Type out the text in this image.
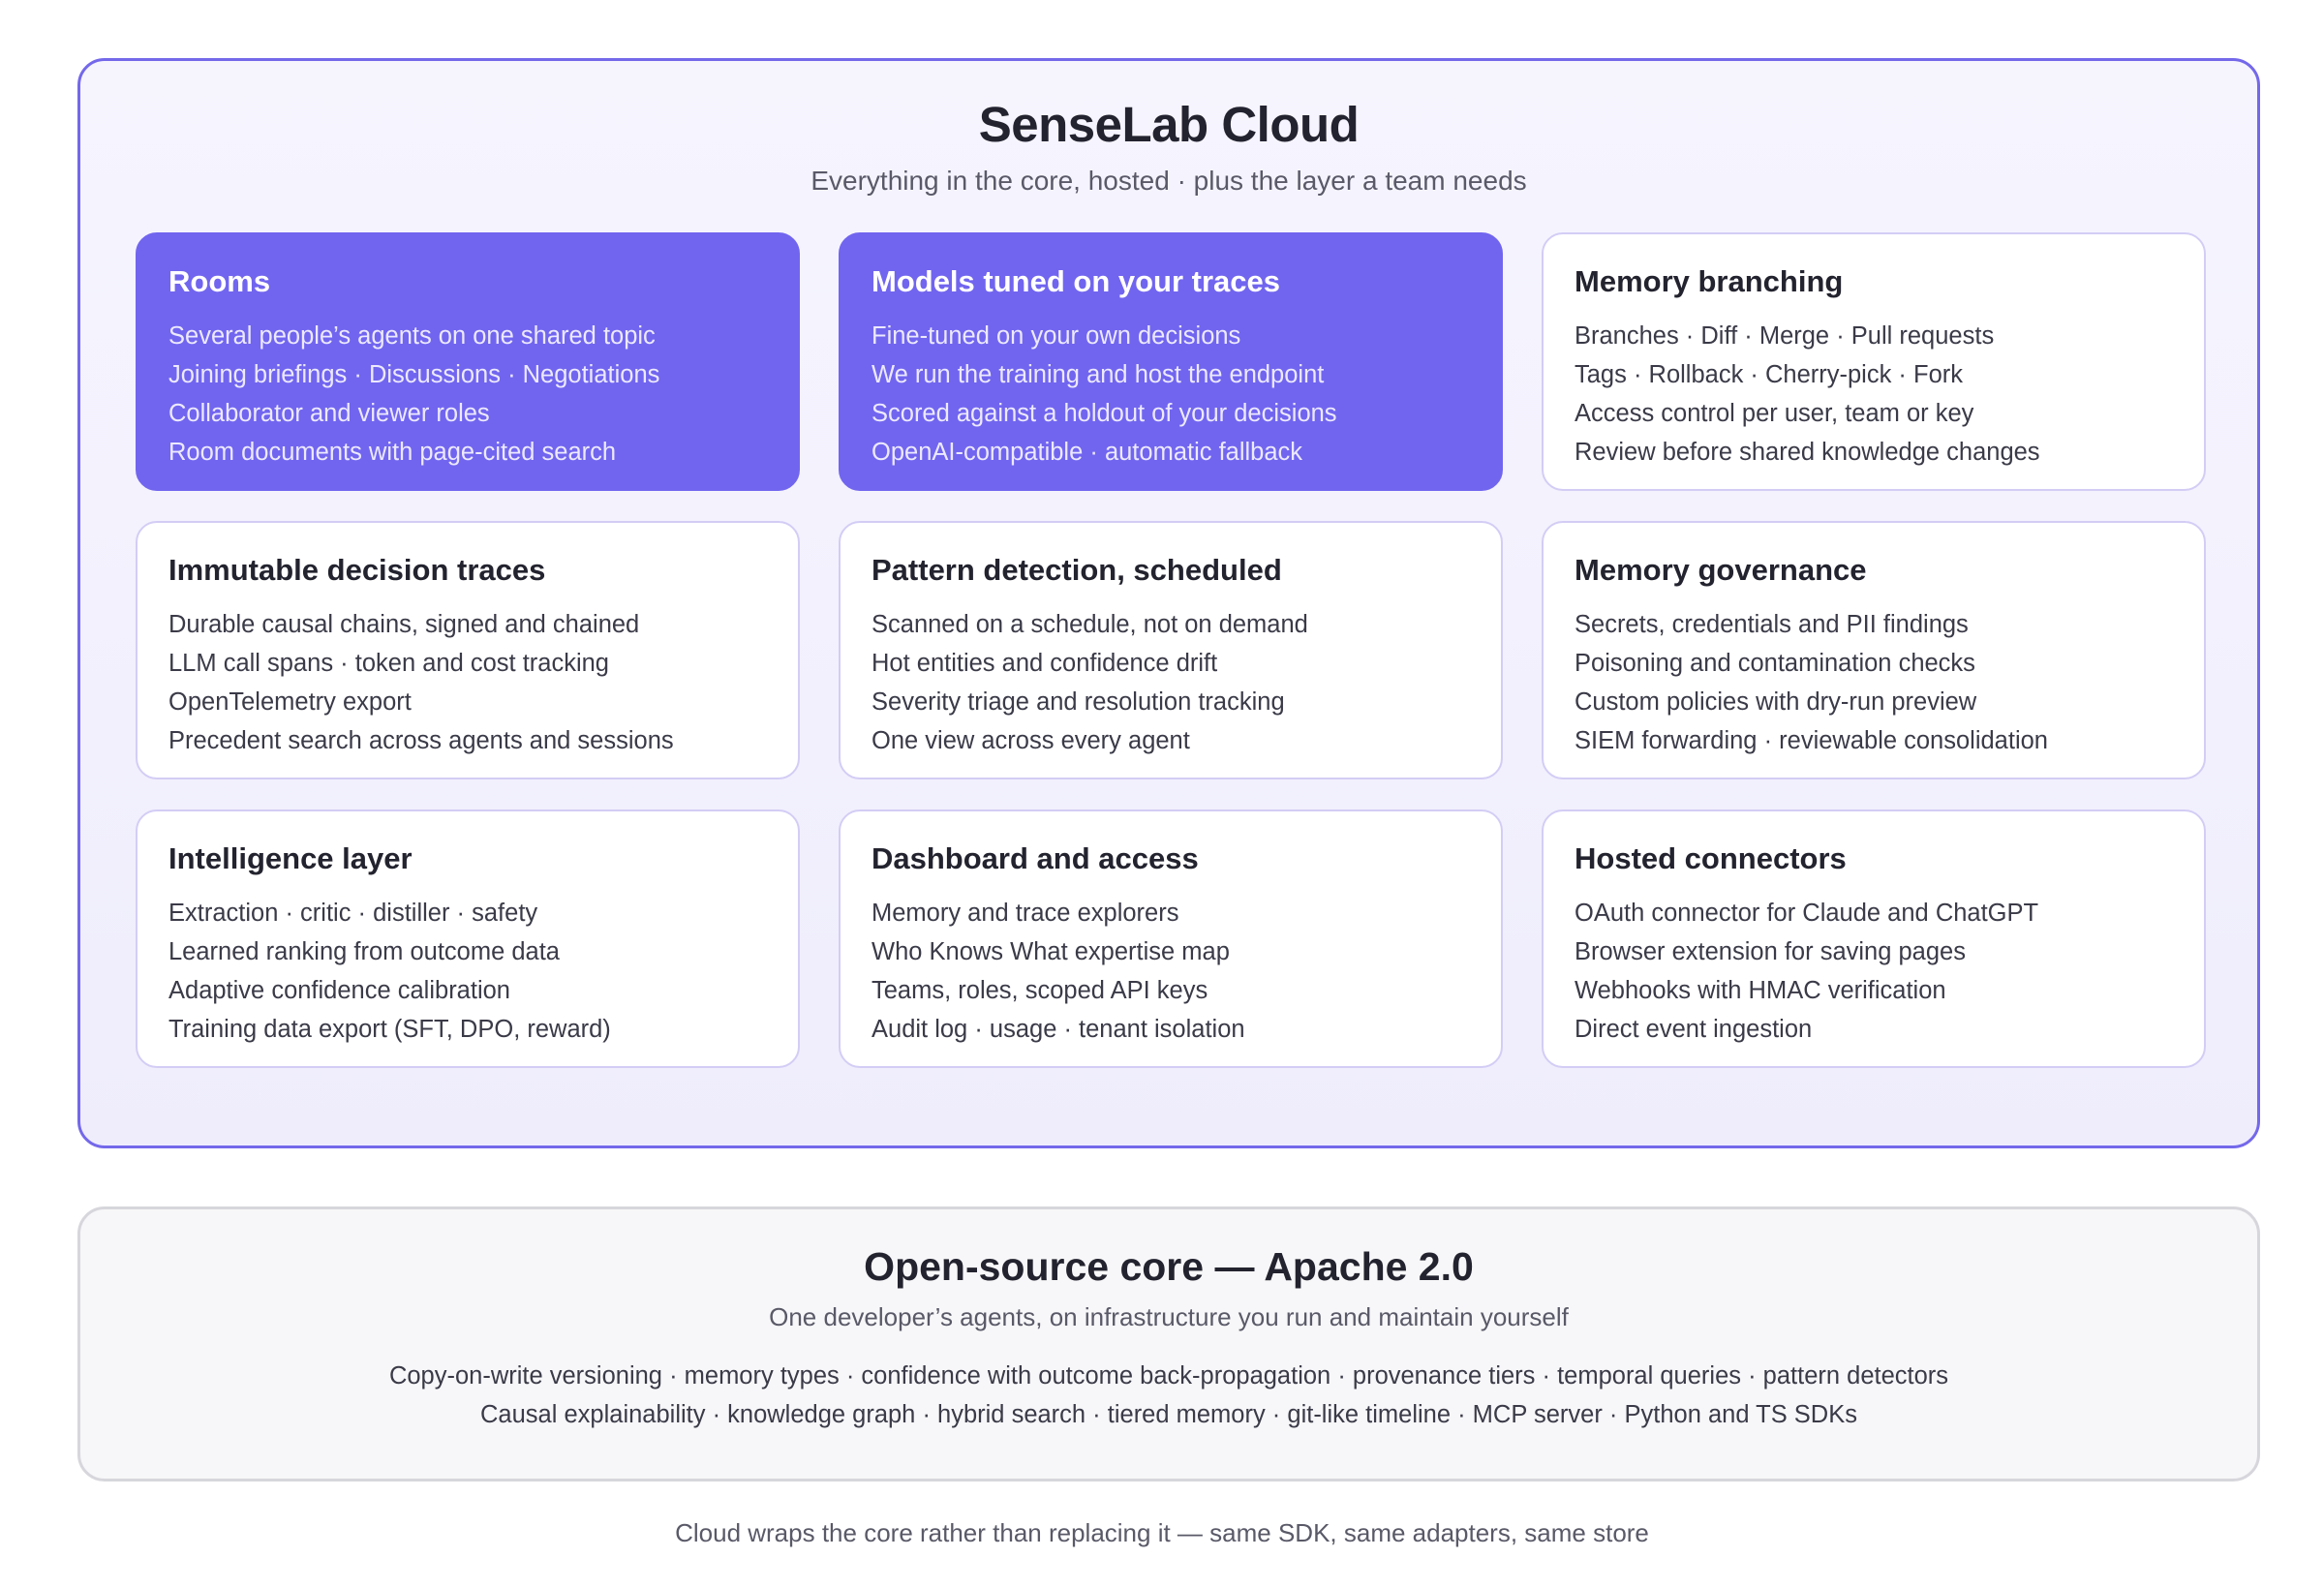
SenseLab Cloud
Everything in the core, hosted · plus the layer a team needs
Rooms
Several people’s agents on one shared topic
Joining briefings · Discussions · Negotiations
Collaborator and viewer roles
Room documents with page-cited search
Models tuned on your traces
Fine-tuned on your own decisions
We run the training and host the endpoint
Scored against a holdout of your decisions
OpenAI-compatible · automatic fallback
Memory branching
Branches · Diff · Merge · Pull requests
Tags · Rollback · Cherry-pick · Fork
Access control per user, team or key
Review before shared knowledge changes
Immutable decision traces
Durable causal chains, signed and chained
LLM call spans · token and cost tracking
OpenTelemetry export
Precedent search across agents and sessions
Pattern detection, scheduled
Scanned on a schedule, not on demand
Hot entities and confidence drift
Severity triage and resolution tracking
One view across every agent
Memory governance
Secrets, credentials and PII findings
Poisoning and contamination checks
Custom policies with dry-run preview
SIEM forwarding · reviewable consolidation
Intelligence layer
Extraction · critic · distiller · safety
Learned ranking from outcome data
Adaptive confidence calibration
Training data export (SFT, DPO, reward)
Dashboard and access
Memory and trace explorers
Who Knows What expertise map
Teams, roles, scoped API keys
Audit log · usage · tenant isolation
Hosted connectors
OAuth connector for Claude and ChatGPT
Browser extension for saving pages
Webhooks with HMAC verification
Direct event ingestion
Open-source core — Apache 2.0
One developer’s agents, on infrastructure you run and maintain yourself
Copy-on-write versioning · memory types · confidence with outcome back-propagation · provenance tiers · temporal queries · pattern detectors
Causal explainability · knowledge graph · hybrid search · tiered memory · git-like timeline · MCP server · Python and TS SDKs
Cloud wraps the core rather than replacing it — same SDK, same adapters, same store
